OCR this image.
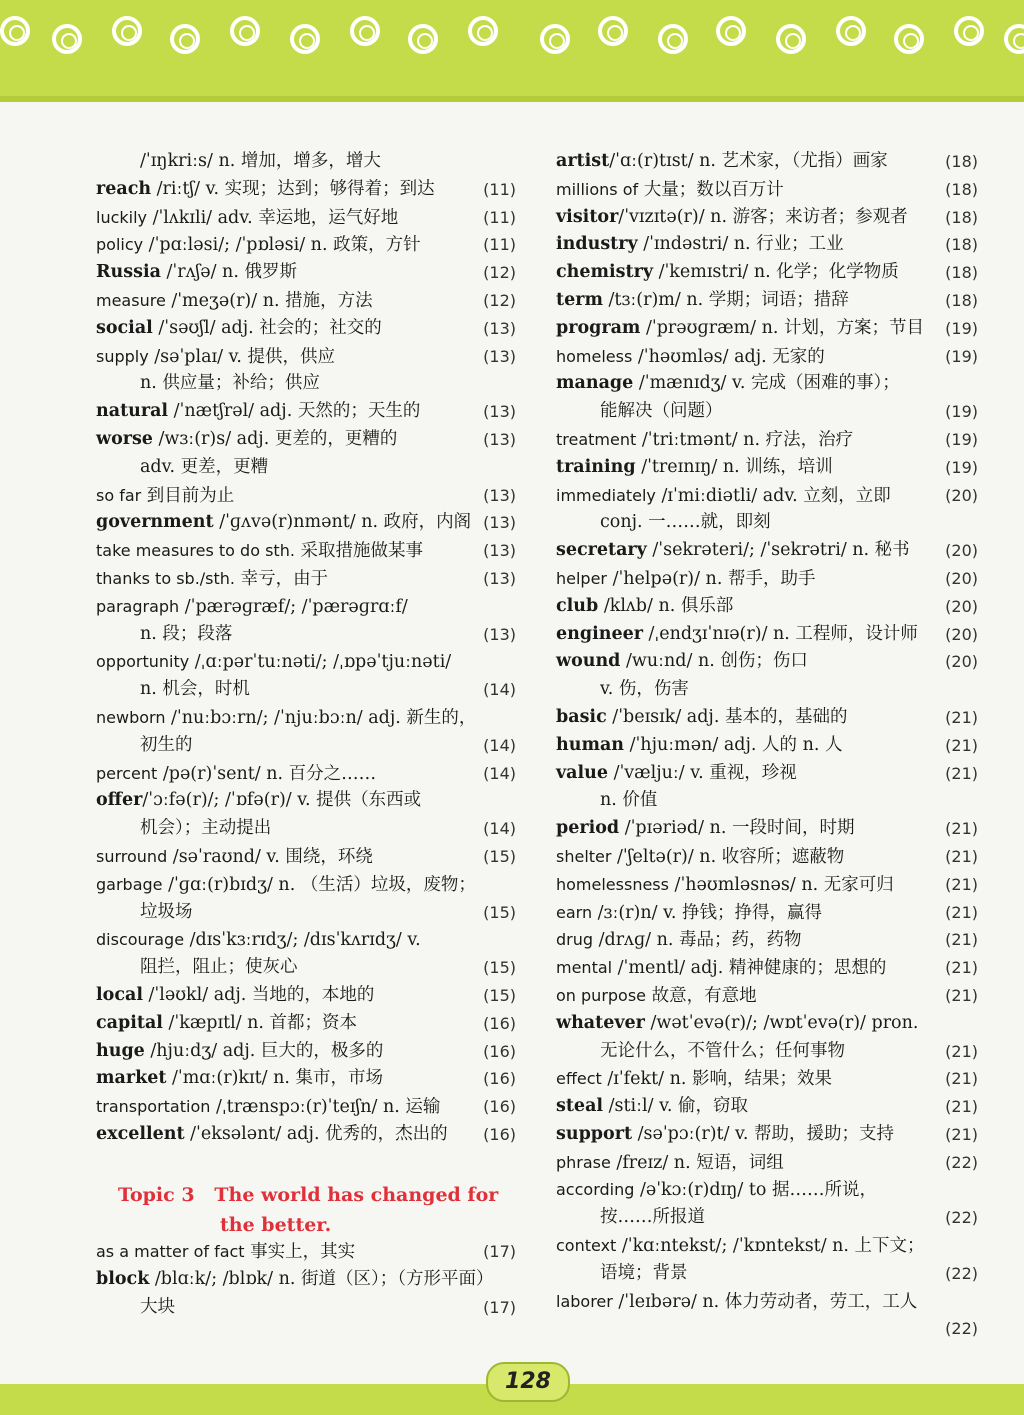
/ˈɪŋkriːs/ n. 增加，增多，增大
reach /riːtʃ/ v. 实现；达到；够得着；到达	(11)
luckily /ˈlʌkɪli/ adv. 幸运地，运气好地	(11)
policy /ˈpɑːləsi/; /ˈpɒləsi/ n. 政策，方针	(11)
Russia /ˈrʌʃə/ n. 俄罗斯	(12)
measure /ˈmeʒə(r)/ n. 措施，方法	(12)
social /ˈsəʊʃl/ adj. 社会的；社交的	(13)
supply /səˈplaɪ/ v. 提供，供应	(13)
n. 供应量；补给；供应
natural /ˈnætʃrəl/ adj. 天然的；天生的	(13)
worse /wɜː(r)s/ adj. 更差的，更糟的	(13)
adv. 更差，更糟
so far 到目前为止	(13)
government /ˈɡʌvə(r)nmənt/ n. 政府，内阁 (13)
take measures to do sth. 采取措施做某事	(13)
thanks to sb./sth. 幸亏，由于	(13)
paragraph /ˈpærəɡræf/; /ˈpærəɡrɑːf/
n. 段；段落	(13)
opportunity /ˌɑːpərˈtuːnəti/; /ˌɒpəˈtjuːnəti/
n. 机会，时机	(14)
newborn /ˈnuːbɔːrn/; /ˈnjuːbɔːn/ adj. 新生的，
初生的	(14)
percent /pə(r)ˈsent/ n. 百分之……	(14)
offer/ˈɔːfə(r)/; /ˈɒfə(r)/ v. 提供（东西或
机会）；主动提出	(14)
surround /səˈraʊnd/ v. 围绕，环绕	(15)
garbage /ˈɡɑː(r)bɪdʒ/ n. （生活）垃圾，废物；
垃圾场	(15)
discourage /dɪsˈkɜːrɪdʒ/; /dɪsˈkʌrɪdʒ/ v.
阻拦，阻止；使灰心	(15)
local /ˈləʊkl/ adj. 当地的，本地的	(15)
capital /ˈkæpɪtl/ n. 首都；资本	(16)
huge /hjuːdʒ/ adj. 巨大的，极多的	(16)
market /ˈmɑː(r)kɪt/ n. 集市，市场	(16)
transportation /ˌtrænspɔː(r)ˈteɪʃn/ n. 运输	(16)
excellent /ˈeksələnt/ adj. 优秀的，杰出的 (16)
Topic 3 The world has changed for
the better.
as a matter of fact 事实上，其实	(17)
block /blɑːk/; /blɒk/ n. 街道（区）；（方形平面）
大块	(17)
artist/ˈɑː(r)tɪst/ n. 艺术家，（尤指）画家	(18)
millions of 大量；数以百万计	(18)
visitor/ˈvɪzɪtə(r)/ n. 游客；来访者；参观者 (18)
industry /ˈɪndəstri/ n. 行业；工业	(18)
chemistry /ˈkemɪstri/ n. 化学；化学物质	(18)
term /tɜː(r)m/ n. 学期；词语；措辞	(18)
program /ˈprəʊɡræm/ n. 计划，方案；节目 (19)
homeless /ˈhəʊmləs/ adj. 无家的	(19)
manage /ˈmænɪdʒ/ v. 完成（困难的事）；
能解决（问题）	(19)
treatment /ˈtriːtmənt/ n. 疗法，治疗	(19)
training /ˈtreɪnɪŋ/ n. 训练，培训	(19)
immediately /ɪˈmiːdiətli/ adv. 立刻，立即	(20)
conj. 一……就，即刻
secretary /ˈsekrəteri/; /ˈsekrətri/ n. 秘书 (20)
helper /ˈhelpə(r)/ n. 帮手，助手	(20)
club /klʌb/ n. 俱乐部	(20)
engineer /ˌendʒɪˈnɪə(r)/ n. 工程师，设计师 (20)
wound /wuːnd/ n. 创伤；伤口	(20)
v. 伤，伤害
basic /ˈbeɪsɪk/ adj. 基本的，基础的	(21)
human /ˈhjuːmən/ adj. 人的 n. 人	(21)
value /ˈvæljuː/ v. 重视，珍视	(21)
n. 价值
period /ˈpɪəriəd/ n. 一段时间，时期	(21)
shelter /ˈʃeltə(r)/ n. 收容所；遮蔽物	(21)
homelessness /ˈhəʊmləsnəs/ n. 无家可归	(21)
earn /ɜː(r)n/ v. 挣钱；挣得，赢得	(21)
drug /drʌɡ/ n. 毒品；药，药物	(21)
mental /ˈmentl/ adj. 精神健康的；思想的	(21)
on purpose 故意，有意地	(21)
whatever /wətˈevə(r)/; /wɒtˈevə(r)/ pron.
无论什么，不管什么；任何事物	(21)
effect /ɪˈfekt/ n. 影响，结果；效果	(21)
steal /stiːl/ v. 偷，窃取	(21)
support /səˈpɔː(r)t/ v. 帮助，援助；支持	(21)
phrase /freɪz/ n. 短语，词组	(22)
according /əˈkɔː(r)dɪŋ/ to 据……所说，
按……所报道	(22)
context /ˈkɑːntekst/; /ˈkɒntekst/ n. 上下文；
语境；背景	(22)
laborer /ˈleɪbərə/ n. 体力劳动者，劳工，工人
(22)
128
